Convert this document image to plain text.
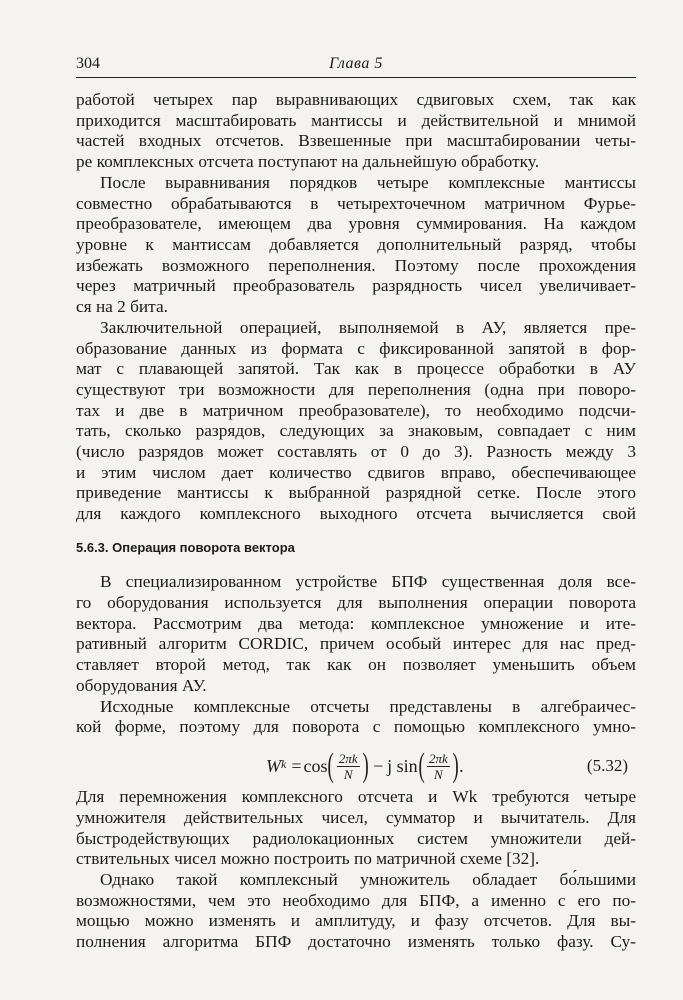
304	Глава 5
работой четырех пар выравнивающих сдвиговых схем, так как
приходится масштабировать мантиссы и действительной и мнимой
частей входных отсчетов. Взвешенные при масштабировании четы-
ре комплексных отсчета поступают на дальнейшую обработку.
После выравнивания порядков четыре комплексные мантиссы
совместно обрабатываются в четырехточечном матричном Фурье-
преобразователе, имеющем два уровня суммирования. На каждом
уровне к мантиссам добавляется дополнительный разряд, чтобы
избежать возможного переполнения. Поэтому после прохождения
через матричный преобразователь разрядность чисел увеличивает-
ся на 2 бита.
Заключительной операцией, выполняемой в АУ, является пре-
образование данных из формата с фиксированной запятой в фор-
мат с плавающей запятой. Так как в процессе обработки в АУ
существуют три возможности для переполнения (одна при поворо-
тах и две в матричном преобразователе), то необходимо подсчи-
тать, сколько разрядов, следующих за знаковым, совпадает с ним
(число разрядов может составлять от 0 до 3). Разность между 3
и этим числом дает количество сдвигов вправо, обеспечивающее
приведение мантиссы к выбранной разрядной сетке. После этого
для каждого комплексного выходного отсчета вычисляется свой
5.6.3. Операция поворота вектора
В специализированном устройстве БПФ существенная доля все-
го оборудования используется для выполнения операции поворота
вектора. Рассмотрим два метода: комплексное умножение и ите-
ративный алгоритм CORDIC, причем особый интерес для нас пред-
ставляет второй метод, так как он позволяет уменьшить объем
оборудования АУ.
Исходные комплексные отсчеты представлены в алгебраичес-
кой форме, поэтому для поворота с помощью комплексного умно-
W k = cos ( $\frac{2\pi k}{N}$ ) − j sin ( $\frac{2\pi k}{N}$ ) .	(5.32)
Для перемножения комплексного отсчета и Wk требуются четыре
умножителя действительных чисел, сумматор и вычитатель. Для
быстродействующих радиолокационных систем умножители дей-
ствительных чисел можно построить по матричной схеме [32].
Однако такой комплексный умножитель обладает бо́льшими
возможностями, чем это необходимо для БПФ, а именно с его по-
мощью можно изменять и амплитуду, и фазу отсчетов. Для вы-
полнения алгоритма БПФ достаточно изменять только фазу. Су-
